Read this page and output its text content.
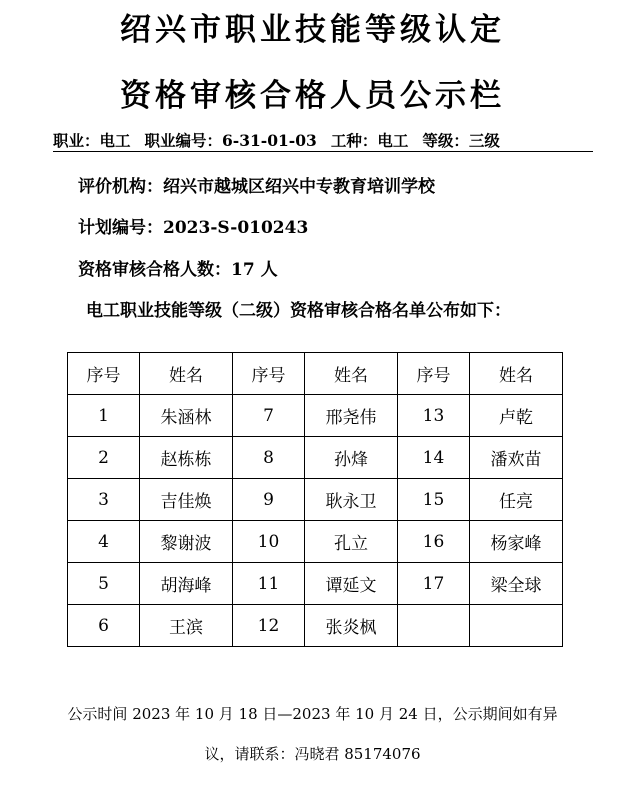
绍兴市职业技能等级认定
资格审核合格人员公示栏
职业：电工 职业编号：6-31-01-03 工种：电工 等级：三级
评价机构：绍兴市越城区绍兴中专教育培训学校
计划编号：2023-S-010243
资格审核合格人数：17 人
电工职业技能等级（二级）资格审核合格名单公布如下：
序号	姓名	序号	姓名	序号	姓名
1	朱涵林	7	邢尧伟	13	卢乾
2	赵栋栋	8	孙烽	14	潘欢苗
3	吉佳焕	9	耿永卫	15	任亮
4	黎谢波	10	孔立	16	杨家峰
5	胡海峰	11	谭延文	17	梁全球
6	王滨	12	张炎枫		
公示时间 2023 年 10 月 18 日—2023 年 10 月 24 日，公示期间如有异
议，请联系：冯晓君 85174076
